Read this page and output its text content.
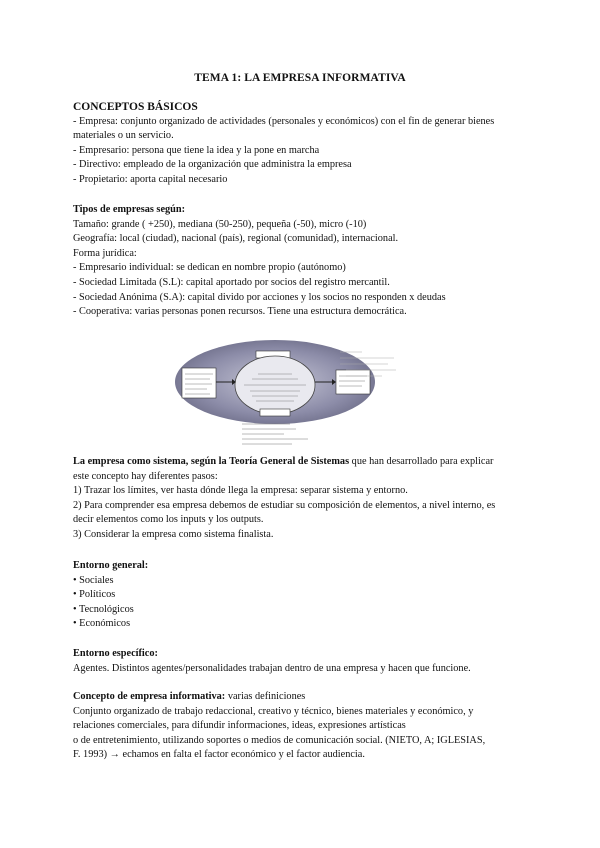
TEMA 1: LA EMPRESA INFORMATIVA

CONCEPTOS BÁSICOS

- Empresa: conjunto organizado de actividades (personales y económicos) con el fin de generar bienes

materiales o un servicio.

- Empresario: persona que tiene la idea y la pone en marcha

- Directivo: empleado de la organización que administra la empresa

- Propietario: aporta capital necesario

Tipos de empresas según:

Tamaño: grande ( +250), mediana (50-250), pequeña (-50), micro (-10)

Geografía: local (ciudad), nacional (país), regional (comunidad), internacional.

Forma jurídica:

- Empresario individual: se dedican en nombre propio (autónomo)

- Sociedad Limitada (S.L): capital aportado por socios del registro mercantil.

- Sociedad Anónima (S.A): capital divido por acciones y los socios no responden x deudas

- Cooperativa: varias personas ponen recursos. Tiene una estructura democrática.

La empresa como sistema, según la Teoría General de Sistemas que han desarrollado para explicar

este concepto hay diferentes pasos:

1) Trazar los límites, ver hasta dónde llega la empresa: separar sistema y entorno.

2) Para comprender esa empresa debemos de estudiar su composición de elementos, a nivel interno, es

decir elementos como los inputs y los outputs.

3) Considerar la empresa como sistema finalista.

Entorno general:

• Sociales

• Políticos

• Tecnológicos

• Económicos

Entorno específico:

Agentes. Distintos agentes/personalidades trabajan dentro de una empresa y hacen que funcione.

Concepto de empresa informativa: varias definiciones

Conjunto organizado de trabajo redaccional, creativo y técnico, bienes materiales y económico, y

relaciones comerciales, para difundir informaciones, ideas, expresiones artísticas

o de entretenimiento, utilizando soportes o medios de comunicación social. (NIETO, A; IGLESIAS,

F. 1993) → echamos en falta el factor económico y el factor audiencia.
